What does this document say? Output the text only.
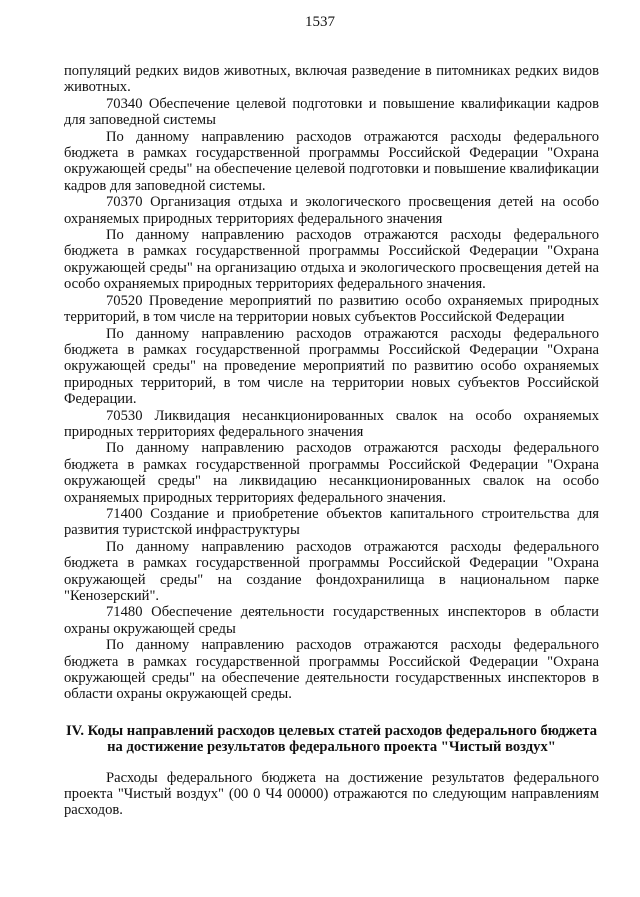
1537

популяций редких видов животных, включая разведение в питомниках редких видов животных.

70340 Обеспечение целевой подготовки и повышение квалификации кадров для заповедной системы

По данному направлению расходов отражаются расходы федерального бюджета в рамках государственной программы Российской Федерации "Охрана окружающей среды" на обеспечение целевой подготовки и повышение квалификации кадров для заповедной системы.

70370 Организация отдыха и экологического просвещения детей на особо охраняемых природных территориях федерального значения

По данному направлению расходов отражаются расходы федерального бюджета в рамках государственной программы Российской Федерации "Охрана окружающей среды" на организацию отдыха и экологического просвещения детей на особо охраняемых природных территориях федерального значения.

70520 Проведение мероприятий по развитию особо охраняемых природных территорий, в том числе на территории новых субъектов Российской Федерации

По данному направлению расходов отражаются расходы федерального бюджета в рамках государственной программы Российской Федерации "Охрана окружающей среды" на проведение мероприятий по развитию особо охраняемых природных территорий, в том числе на территории новых субъектов Российской Федерации.

70530 Ликвидация несанкционированных свалок на особо охраняемых природных территориях федерального значения

По данному направлению расходов отражаются расходы федерального бюджета в рамках государственной программы Российской Федерации "Охрана окружающей среды" на ликвидацию несанкционированных свалок на особо охраняемых природных территориях федерального значения.

71400 Создание и приобретение объектов капитального строительства для развития туристской инфраструктуры

По данному направлению расходов отражаются расходы федерального бюджета в рамках государственной программы Российской Федерации "Охрана окружающей среды" на создание фондохранилища в национальном парке "Кенозерский".

71480 Обеспечение деятельности государственных инспекторов в области охраны окружающей среды

По данному направлению расходов отражаются расходы федерального бюджета в рамках государственной программы Российской Федерации "Охрана окружающей среды" на обеспечение деятельности государственных инспекторов в области охраны окружающей среды.

IV. Коды направлений расходов целевых статей расходов федерального бюджета на достижение результатов федерального проекта "Чистый воздух"

Расходы федерального бюджета на достижение результатов федерального проекта "Чистый воздух" (00 0 Ч4 00000) отражаются по следующим направлениям расходов.
